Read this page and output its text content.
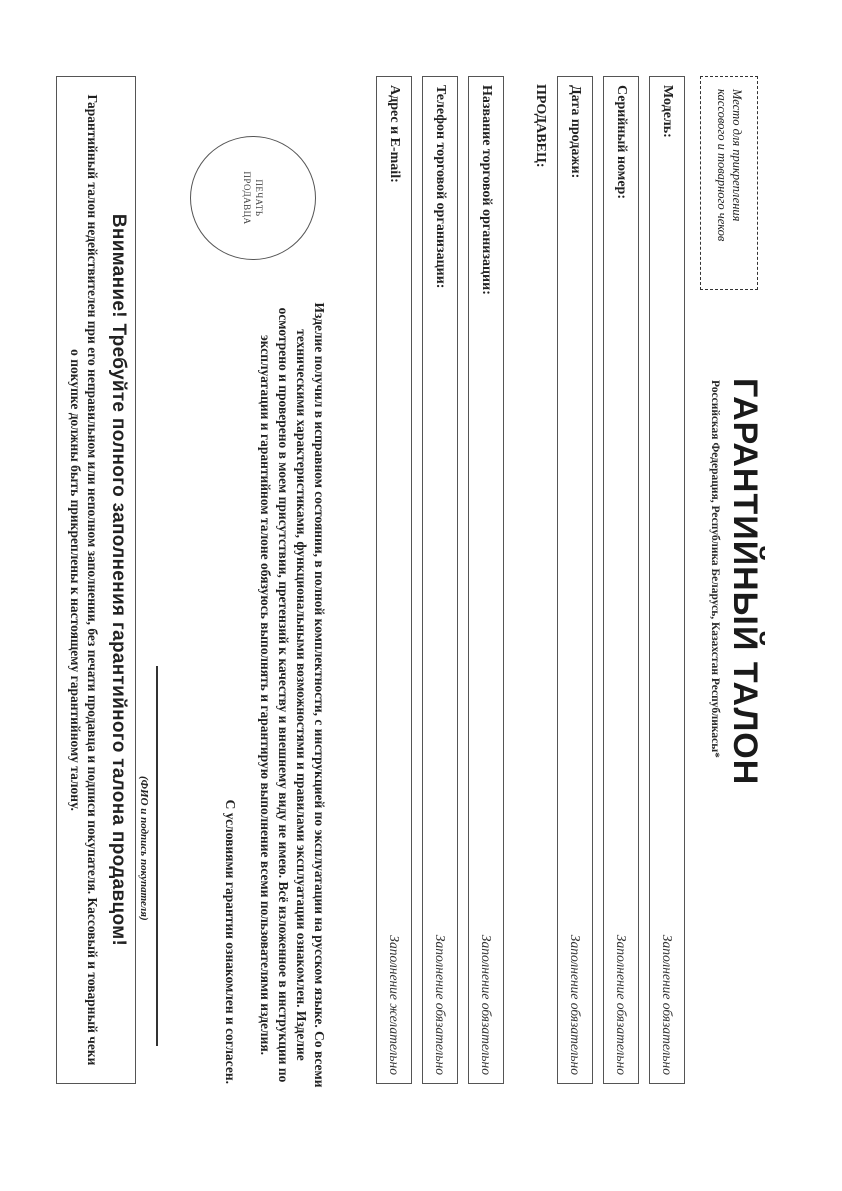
Место для прикрепления
кассового и товарного чеков
ГАРАНТИЙНЫЙ ТАЛОН
Российская Федерация, Республика Беларусь, Казахстан Республикасы*
Модель:
Заполнение обязательно
Серийный номер:
Заполнение обязательно
Дата продажи:
Заполнение обязательно
ПРОДАВЕЦ:
Название торговой организации:
Заполнение обязательно
Телефон торговой организации:
Заполнение обязательно
Адрес и E-mail:
Заполнение желательно
ПЕЧАТЬ
ПРОДАВЦА

Изделие получил в исправном состоянии, в полной комплектности, с инструкцией по эксплуатации на русском языке. Со всеми техническими характеристиками, функциональными возможностями и правилами эксплуатации ознакомлен. Изделие осмотрено и проверено в моем присутствии, претензий к качеству и внешнему виду не имею. Всё изложенное в инструкции по эксплуатации и гарантийном талоне обязуюсь выполнять и гарантирую выполнение всеми пользователями изделия.

С условиями гарантии ознакомлен и согласен.
(ФИО и подпись покупателя)
Внимание! Требуйте полного заполнения гарантийного талона продавцом!
Гарантийный талон недействителен при его неправильном или неполном заполнении, без печати продавца и подписи покупателя. Кассовый и товарный чеки о покупке должны быть прикреплены к настоящему гарантийному талону.
